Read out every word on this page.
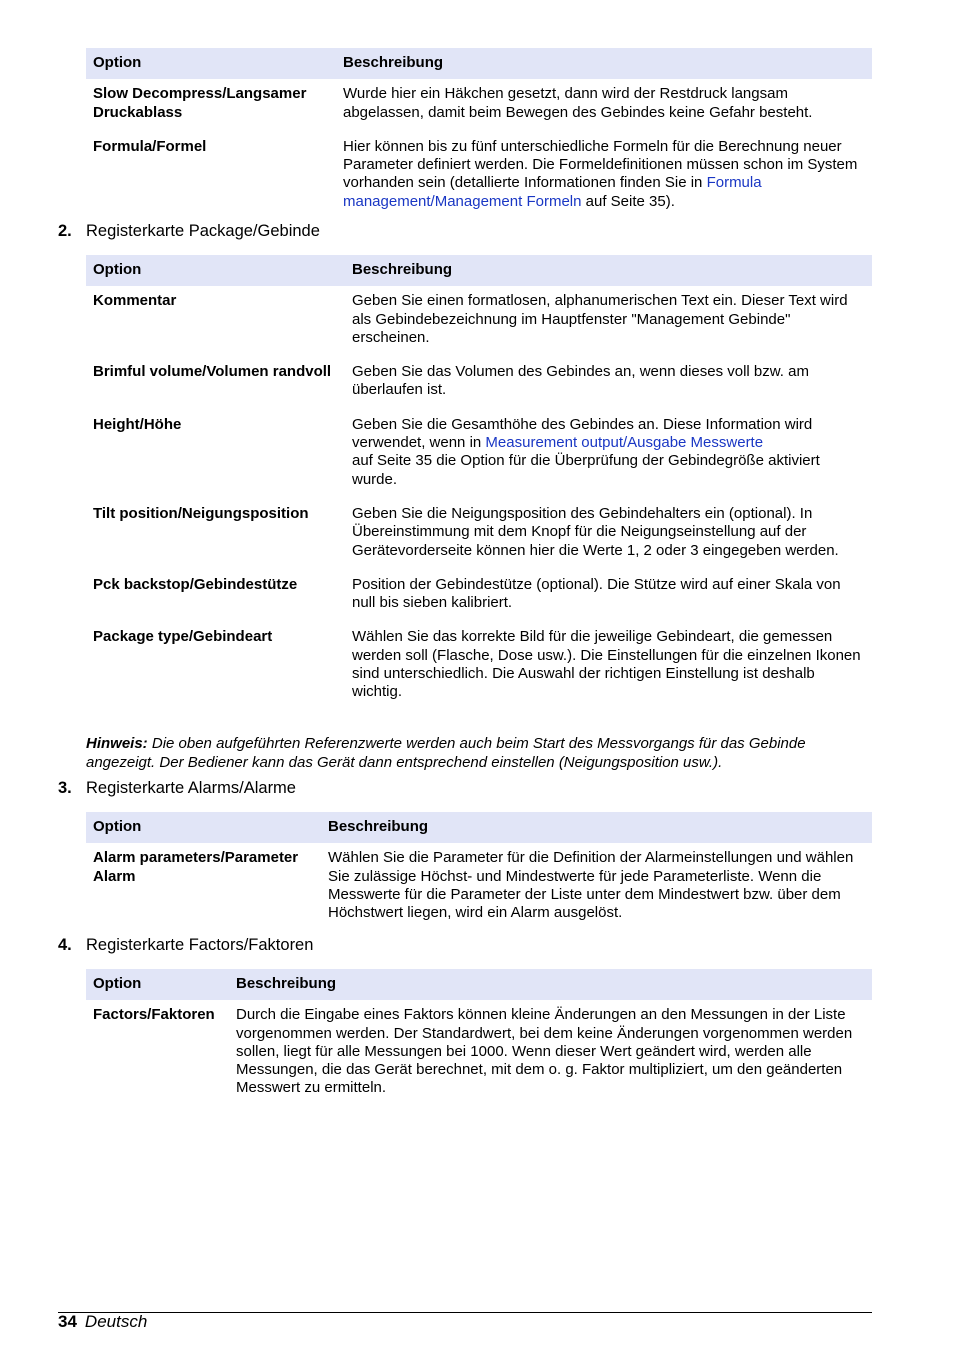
Option	Beschreibung
Slow Decompress/Langsamer Druckablass	Wurde hier ein Häkchen gesetzt, dann wird der Restdruck langsam abgelassen, damit beim Bewegen des Gebindes keine Gefahr besteht.
Formula/Formel	Hier können bis zu fünf unterschiedliche Formeln für die Berechnung neuer Parameter definiert werden. Die Formeldefinitionen müssen schon im System vorhanden sein (detallierte Informationen finden Sie in Formula management/Management Formeln auf Seite 35).
2. Registerkarte Package/Gebinde
Option	Beschreibung
Kommentar	Geben Sie einen formatlosen, alphanumerischen Text ein. Dieser Text wird als Gebindebezeichnung im Hauptfenster "Management Gebinde" erscheinen.
Brimful volume/Volumen randvoll	Geben Sie das Volumen des Gebindes an, wenn dieses voll bzw. am überlaufen ist.
Height/Höhe	Geben Sie die Gesamthöhe des Gebindes an. Diese Information wird verwendet, wenn in Measurement output/Ausgabe Messwerte
auf Seite 35 die Option für die Überprüfung der Gebindegröße aktiviert wurde.
Tilt position/Neigungsposition	Geben Sie die Neigungsposition des Gebindehalters ein (optional). In Übereinstimmung mit dem Knopf für die Neigungseinstellung auf der Gerätevorderseite können hier die Werte 1, 2 oder 3 eingegeben werden.
Pck backstop/Gebindestütze	Position der Gebindestütze (optional). Die Stütze wird auf einer Skala von null bis sieben kalibriert.
Package type/Gebindeart	Wählen Sie das korrekte Bild für die jeweilige Gebindeart, die gemessen werden soll (Flasche, Dose usw.). Die Einstellungen für die einzelnen Ikonen sind unterschiedlich. Die Auswahl der richtigen Einstellung ist deshalb wichtig.
Hinweis: Die oben aufgeführten Referenzwerte werden auch beim Start des Messvorgangs für das Gebinde angezeigt. Der Bediener kann das Gerät dann entsprechend einstellen (Neigungsposition usw.).
3. Registerkarte Alarms/Alarme
Option	Beschreibung
Alarm parameters/Parameter Alarm	Wählen Sie die Parameter für die Definition der Alarmeinstellungen und wählen Sie zulässige Höchst- und Mindestwerte für jede Parameterliste. Wenn die Messwerte für die Parameter der Liste unter dem Mindestwert bzw. über dem Höchstwert liegen, wird ein Alarm ausgelöst.
4. Registerkarte Factors/Faktoren
Option	Beschreibung
Factors/Faktoren	Durch die Eingabe eines Faktors können kleine Änderungen an den Messungen in der Liste vorgenommen werden. Der Standardwert, bei dem keine Änderungen vorgenommen werden sollen, liegt für alle Messungen bei 1000. Wenn dieser Wert geändert wird, werden alle Messungen, die das Gerät berechnet, mit dem o. g. Faktor multipliziert, um den geänderten Messwert zu ermitteln.
34 Deutsch
